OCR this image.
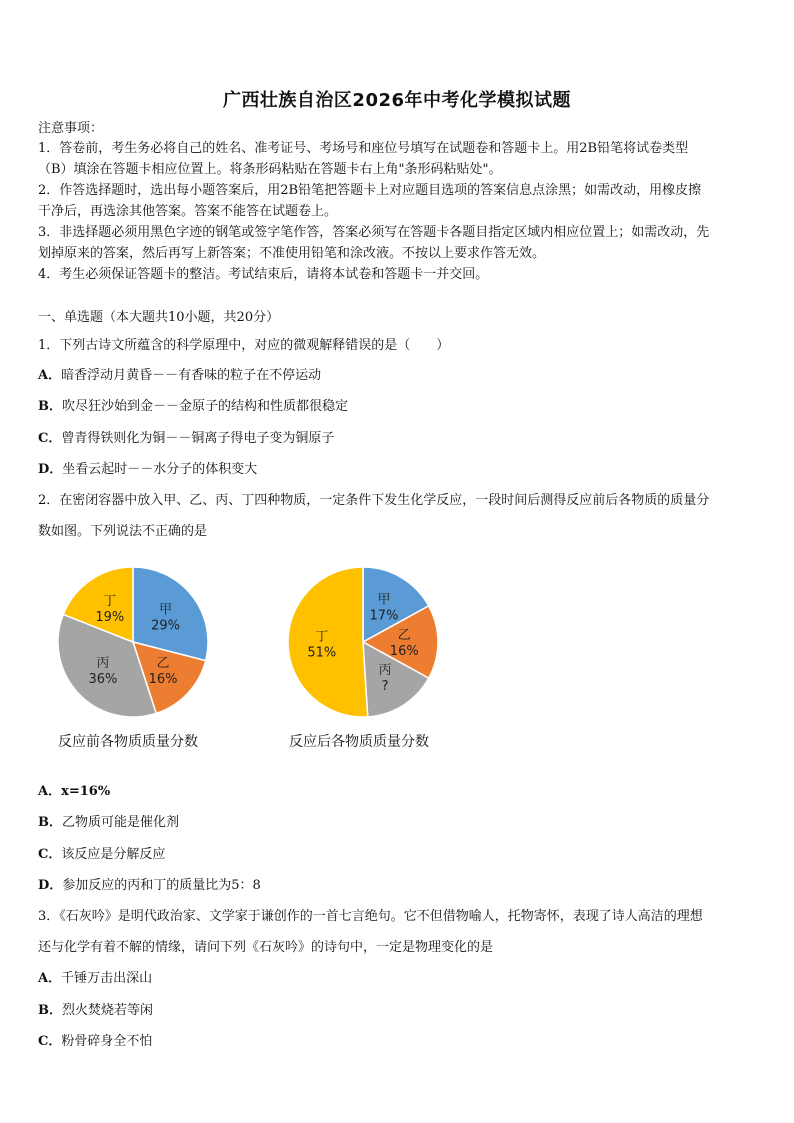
广西壮族自治区2026年中考化学模拟试题
注意事项：
1．答卷前，考生务必将自己的姓名、准考证号、考场号和座位号填写在试题卷和答题卡上。用2B铅笔将试卷类型
（B）填涂在答题卡相应位置上。将条形码粘贴在答题卡右上角"条形码粘贴处"。
2．作答选择题时，选出每小题答案后，用2B铅笔把答题卡上对应题目选项的答案信息点涂黑；如需改动，用橡皮擦
干净后，再选涂其他答案。答案不能答在试题卷上。
3．非选择题必须用黑色字迹的钢笔或签字笔作答，答案必须写在答题卡各题目指定区域内相应位置上；如需改动，先
划掉原来的答案，然后再写上新答案；不准使用铅笔和涂改液。不按以上要求作答无效。
4．考生必须保证答题卡的整洁。考试结束后，请将本试卷和答题卡一并交回。
一、单选题（本大题共10小题，共20分）
1．下列古诗文所蕴含的科学原理中，对应的微观解释错误的是（　　）
A．暗香浮动月黄昏－－有香味的粒子在不停运动
B．吹尽狂沙始到金－－金原子的结构和性质都很稳定
C．曾青得铁则化为铜－－铜离子得电子变为铜原子
D．坐看云起时－－水分子的体积变大
2．在密闭容器中放入甲、乙、丙、丁四种物质，一定条件下发生化学反应，一段时间后测得反应前后各物质的质量分
数如图。下列说法不正确的是
甲
29%
乙
16%
丙
36%
丁
19%
甲
17%
乙
16%
丙
?
丁
51%
反应前各物质质量分数	反应后各物质质量分数
A．x=16%
B．乙物质可能是催化剂
C．该反应是分解反应
D．参加反应的丙和丁的质量比为5：8
3．《石灰吟》是明代政治家、文学家于谦创作的一首七言绝句。它不但借物喻人，托物寄怀，表现了诗人高洁的理想
还与化学有着不解的情缘，请问下列《石灰吟》的诗句中，一定是物理变化的是
A．千锤万击出深山
B．烈火焚烧若等闲
C．粉骨碎身全不怕
